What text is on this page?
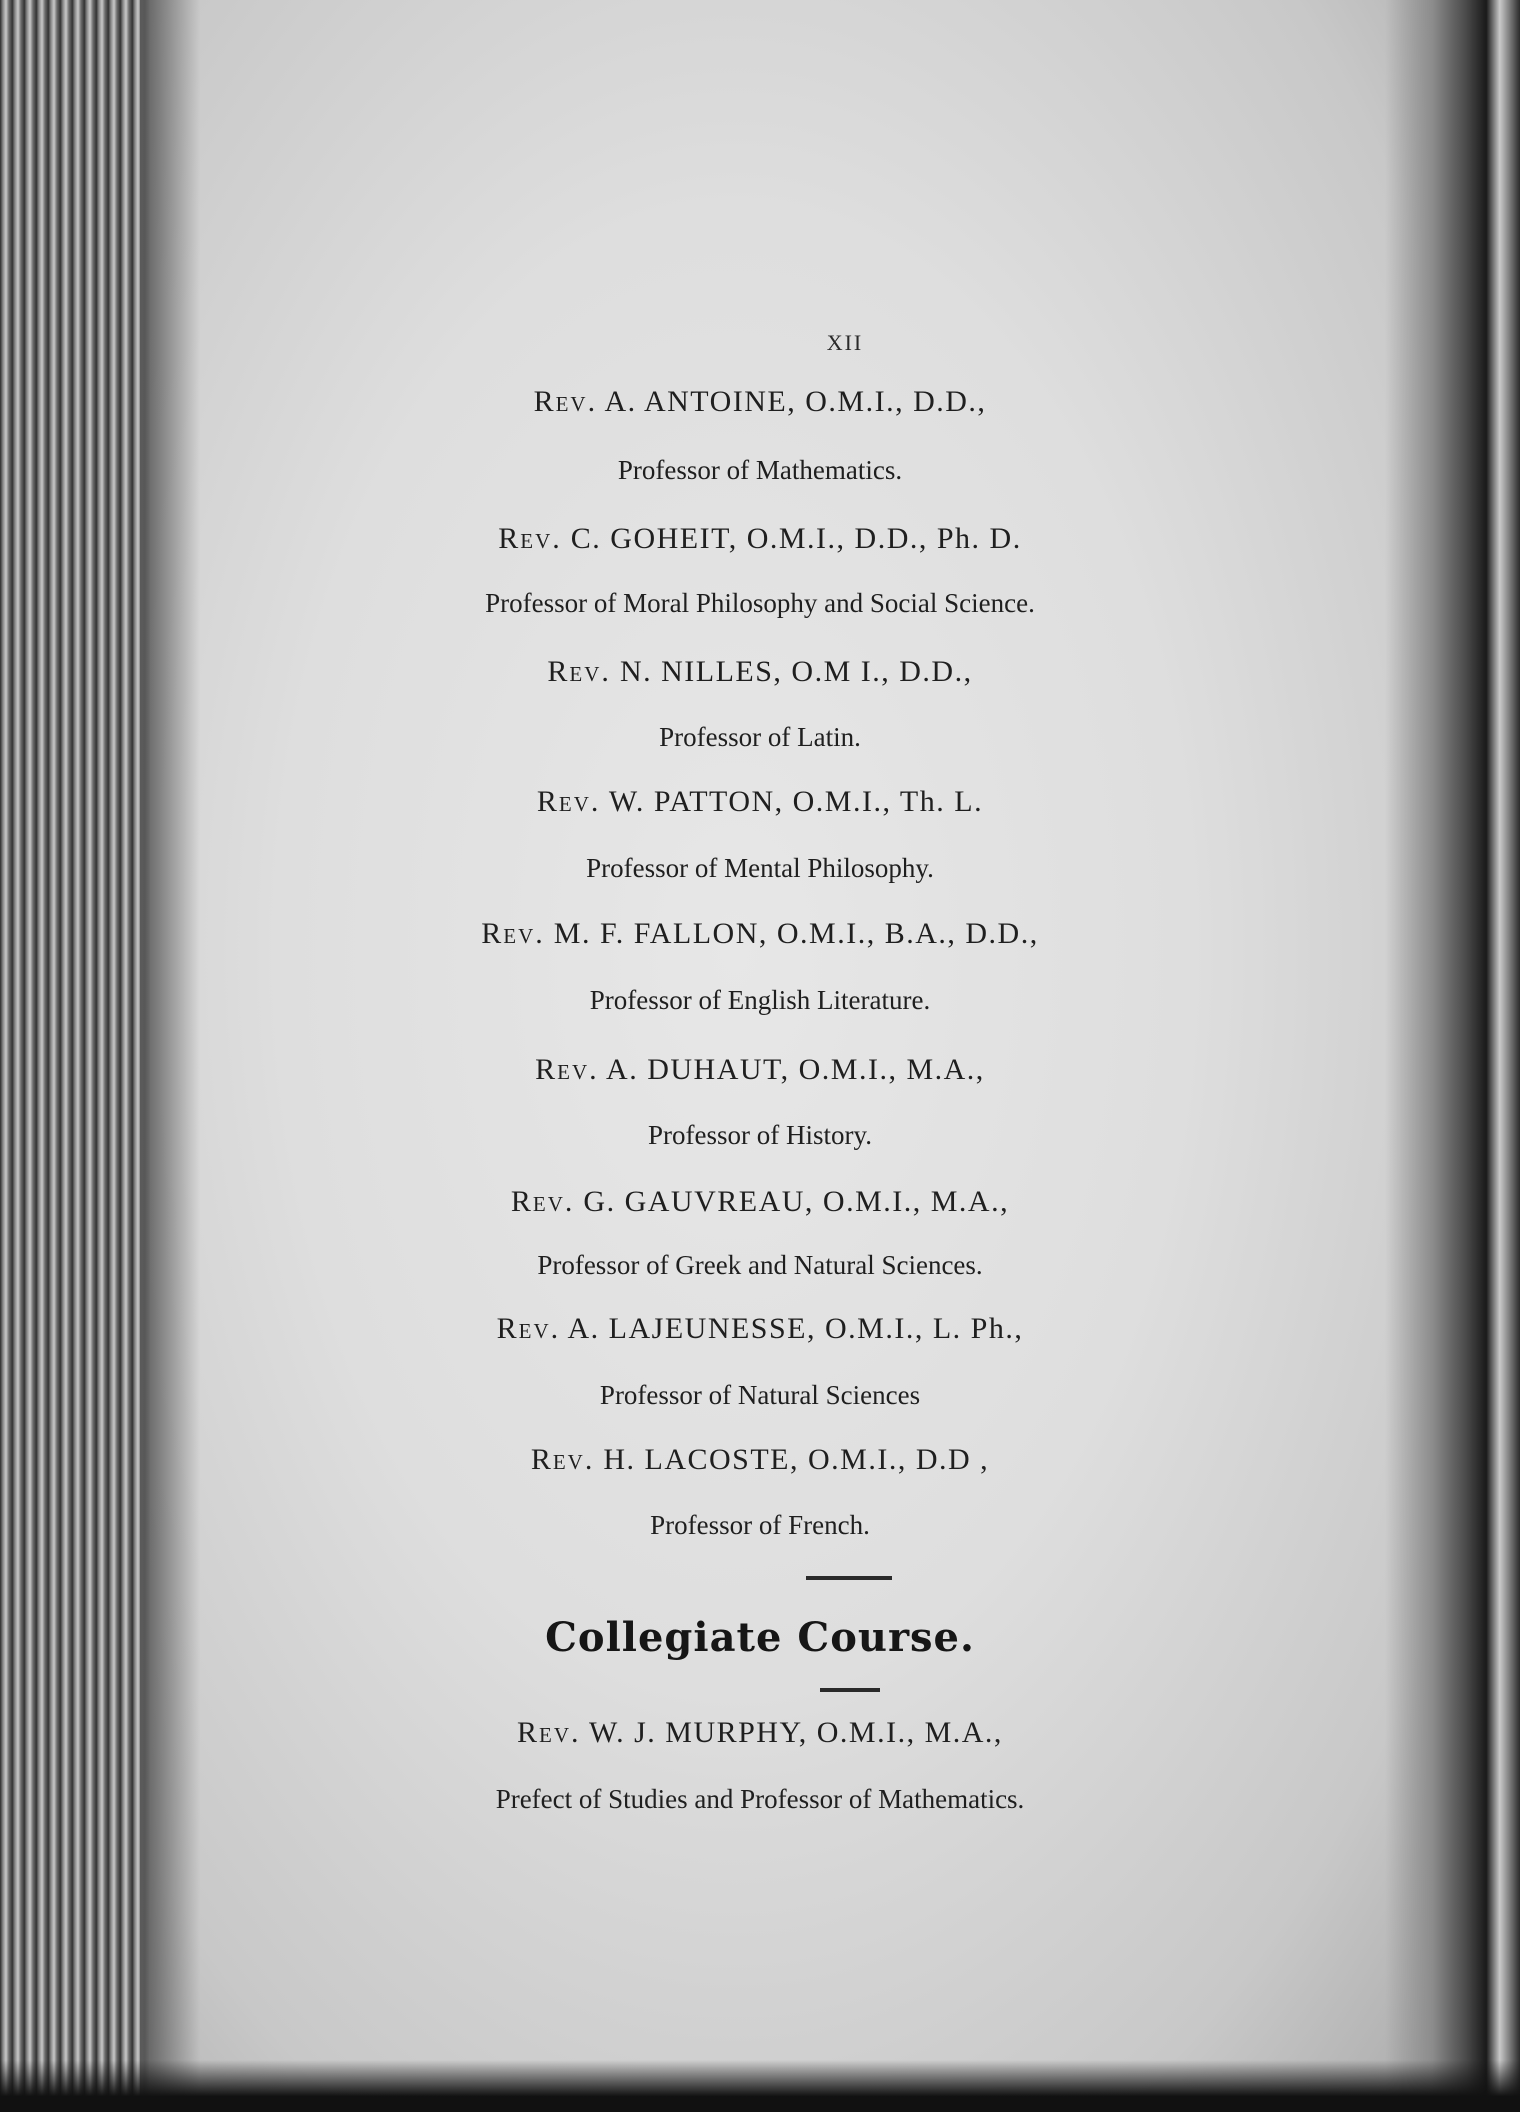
XII
Rev. A. ANTOINE, O.M.I., D.D.,
Professor of Mathematics.
Rev. C. GOHEIT, O.M.I., D.D., Ph. D.
Professor of Moral Philosophy and Social Science.
Rev. N. NILLES, O.M I., D.D.,
Professor of Latin.
Rev. W. PATTON, O.M.I., Th. L.
Professor of Mental Philosophy.
Rev. M. F. FALLON, O.M.I., B.A., D.D.,
Professor of English Literature.
Rev. A. DUHAUT, O.M.I., M.A.,
Professor of History.
Rev. G. GAUVREAU, O.M.I., M.A.,
Professor of Greek and Natural Sciences.
Rev. A. LAJEUNESSE, O.M.I., L. Ph.,
Professor of Natural Sciences
Rev. H. LACOSTE, O.M.I., D.D ,
Professor of French.
Collegiate Course.
Rev. W. J. MURPHY, O.M.I., M.A.,
Prefect of Studies and Professor of Mathematics.
